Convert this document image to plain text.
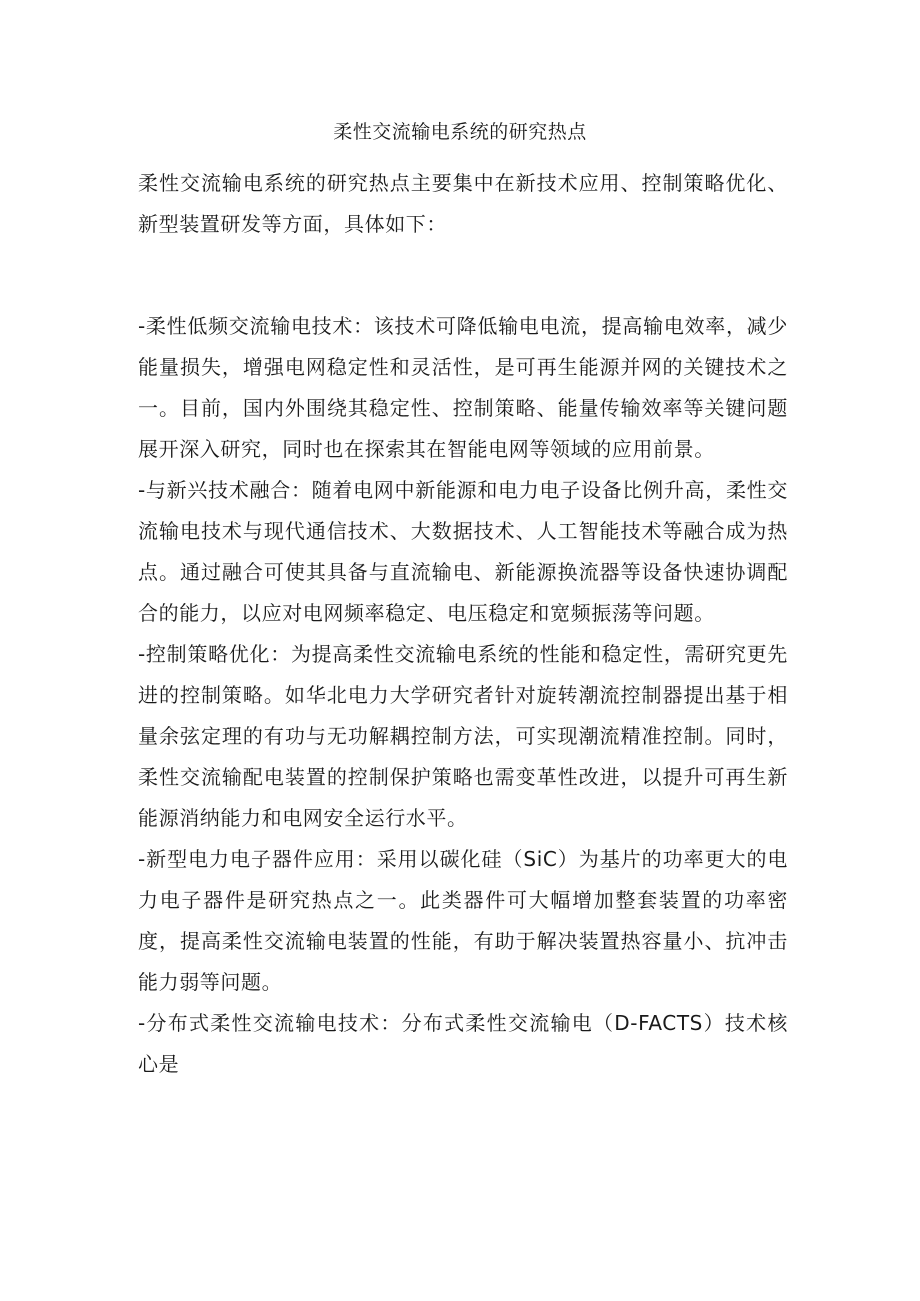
柔性交流输电系统的研究热点

柔性交流输电系统的研究热点主要集中在新技术应用、控制策略优化、新型装置研发等方面，具体如下：

-柔性低频交流输电技术：该技术可降低输电电流，提高输电效率，减少能量损失，增强电网稳定性和灵活性，是可再生能源并网的关键技术之一。目前，国内外围绕其稳定性、控制策略、能量传输效率等关键问题展开深入研究，同时也在探索其在智能电网等领域的应用前景。

-与新兴技术融合：随着电网中新能源和电力电子设备比例升高，柔性交流输电技术与现代通信技术、大数据技术、人工智能技术等融合成为热点。通过融合可使其具备与直流输电、新能源换流器等设备快速协调配合的能力，以应对电网频率稳定、电压稳定和宽频振荡等问题。

-控制策略优化：为提高柔性交流输电系统的性能和稳定性，需研究更先进的控制策略。如华北电力大学研究者针对旋转潮流控制器提出基于相量余弦定理的有功与无功解耦控制方法，可实现潮流精准控制。同时，柔性交流输配电装置的控制保护策略也需变革性改进，以提升可再生新能源消纳能力和电网安全运行水平。

-新型电力电子器件应用：采用以碳化硅（SiC）为基片的功率更大的电力电子器件是研究热点之一。此类器件可大幅增加整套装置的功率密度，提高柔性交流输电装置的性能，有助于解决装置热容量小、抗冲击能力弱等问题。

-分布式柔性交流输电技术：分布式柔性交流输电（D-FACTS）技术核心是
